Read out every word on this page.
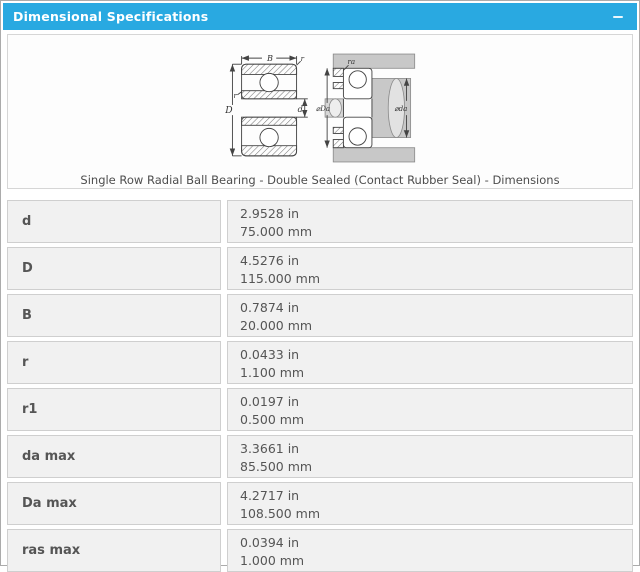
Dimensional Specifications
B
D	d
r
r
⌀Da	⌀da
ra
Single Row Radial Ball Bearing - Double Sealed (Contact Rubber Seal) - Dimensions
d
2.9528 in
75.000 mm
D
4.5276 in
115.000 mm
B
0.7874 in
20.000 mm
r
0.0433 in
1.100 mm
r1
0.0197 in
0.500 mm
da max
3.3661 in
85.500 mm
Da max
4.2717 in
108.500 mm
ras max
0.0394 in
1.000 mm
